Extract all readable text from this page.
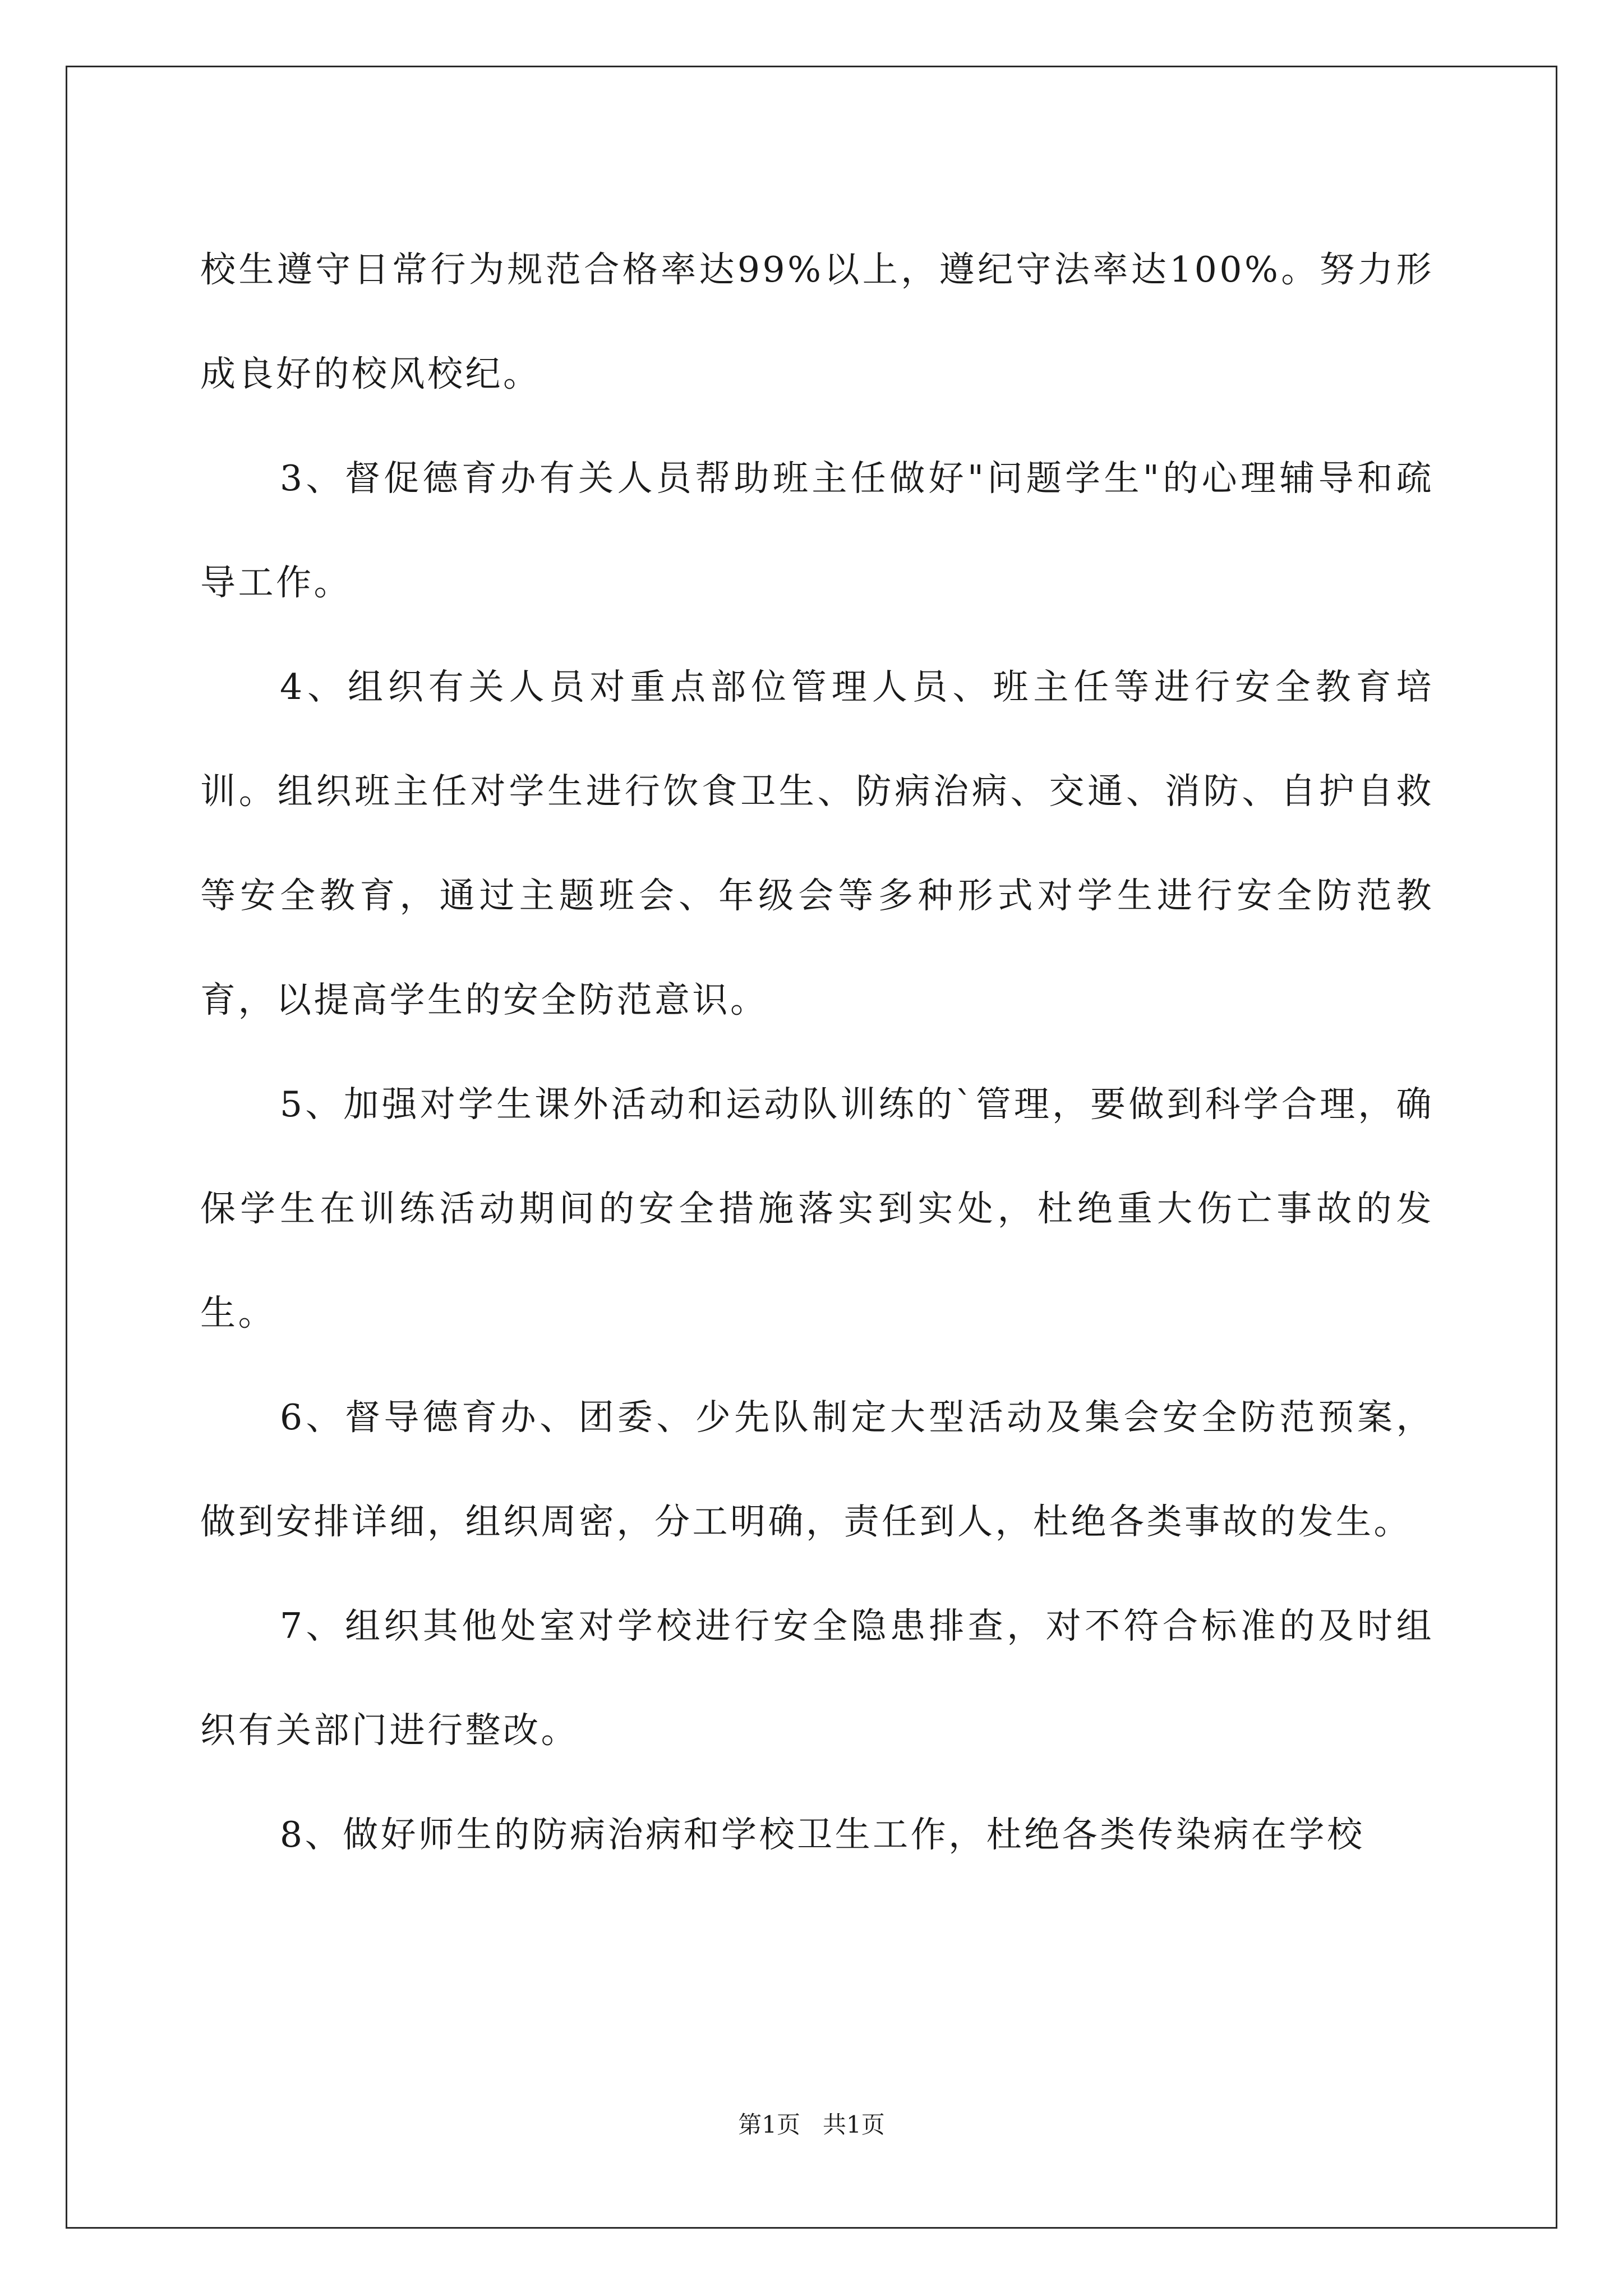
校生遵守日常行为规范合格率达99%以上，遵纪守法率达100%。努力形成良好的校风校纪。

3、督促德育办有关人员帮助班主任做好"问题学生"的心理辅导和疏导工作。

4、组织有关人员对重点部位管理人员、班主任等进行安全教育培训。组织班主任对学生进行饮食卫生、防病治病、交通、消防、自护自救等安全教育，通过主题班会、年级会等多种形式对学生进行安全防范教育，以提高学生的安全防范意识。

5、加强对学生课外活动和运动队训练的`管理，要做到科学合理，确保学生在训练活动期间的安全措施落实到实处，杜绝重大伤亡事故的发生。

6、督导德育办、团委、少先队制定大型活动及集会安全防范预案，做到安排详细，组织周密，分工明确，责任到人，杜绝各类事故的发生。

7、组织其他处室对学校进行安全隐患排查，对不符合标准的及时组织有关部门进行整改。

8、做好师生的防病治病和学校卫生工作，杜绝各类传染病在学校

第1页 共1页
